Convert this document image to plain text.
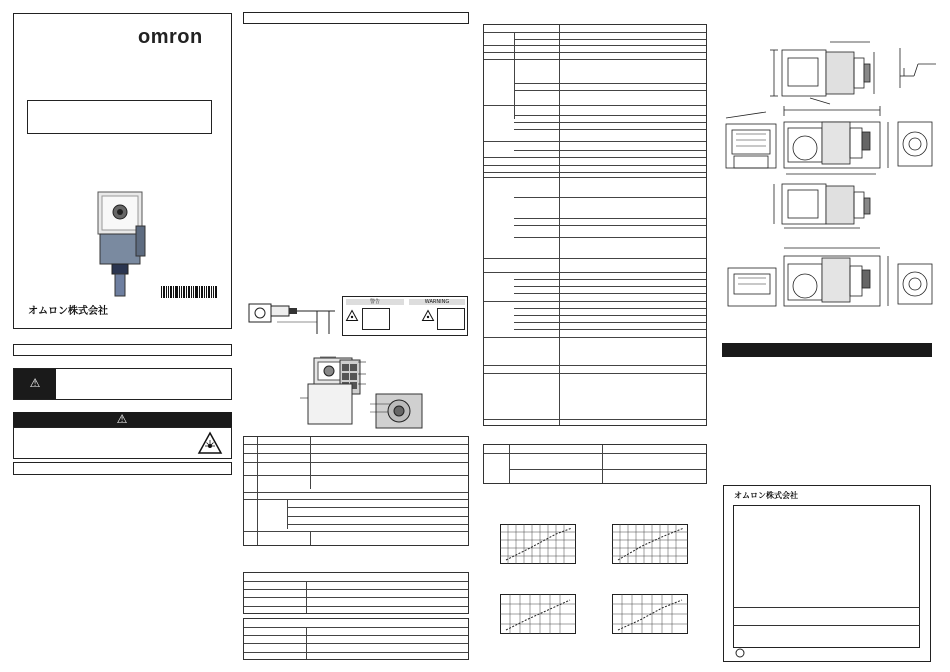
omron
オムロン株式会社
⚠
⚠
警告	WARNING
オムロン株式会社
